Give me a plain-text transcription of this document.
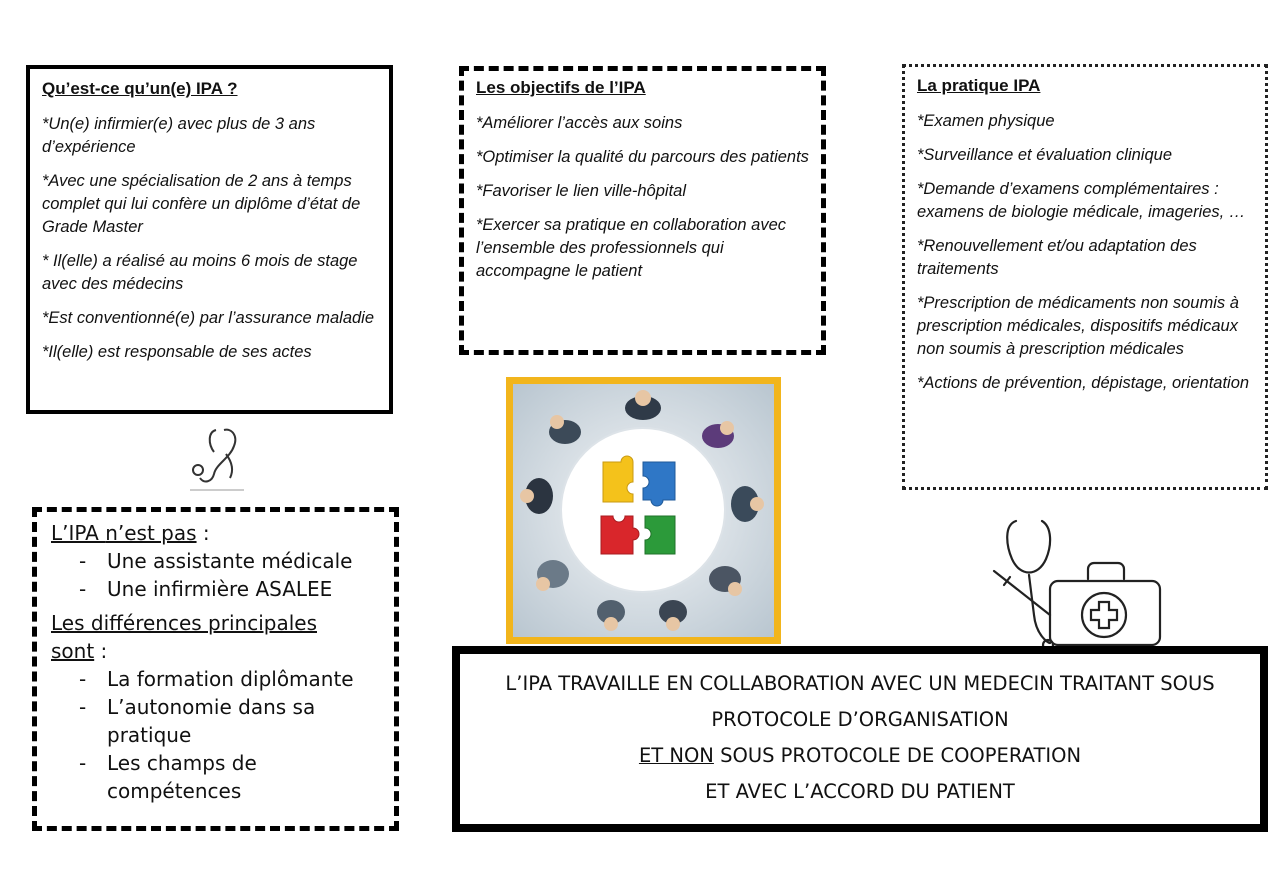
Qu’est-ce qu’un(e) IPA ?

*Un(e) infirmier(e) avec plus de 3 ans d’expérience

*Avec une spécialisation de 2 ans à temps complet qui lui confère un diplôme d’état de Grade Master

* Il(elle) a réalisé au moins 6 mois de stage avec des médecins

*Est conventionné(e) par l’assurance maladie

*Il(elle) est responsable de ses actes

Les objectifs de l’IPA

*Améliorer l’accès aux soins

*Optimiser la qualité du parcours des patients

*Favoriser le lien ville-hôpital

*Exercer sa pratique en collaboration avec l’ensemble des professionnels qui accompagne le patient

La pratique IPA

*Examen physique

*Surveillance et évaluation clinique

*Demande d’examens complémentaires : examens de biologie médicale, imageries, …

*Renouvellement et/ou adaptation des traitements

*Prescription de médicaments non soumis à prescription médicales, dispositifs médicaux non soumis à prescription médicales

*Actions de prévention, dépistage, orientation

L’IPA n’est pas :
- Une assistante médicale
- Une infirmière ASALEE
Les différences principales
sont :
- La formation diplômante
- L’autonomie dans sa pratique
- Les champs de compétences
L’IPA TRAVAILLE EN COLLABORATION AVEC UN MEDECIN TRAITANT SOUS
PROTOCOLE D’ORGANISATION
ET NON SOUS PROTOCOLE DE COOPERATION
ET AVEC L’ACCORD DU PATIENT
